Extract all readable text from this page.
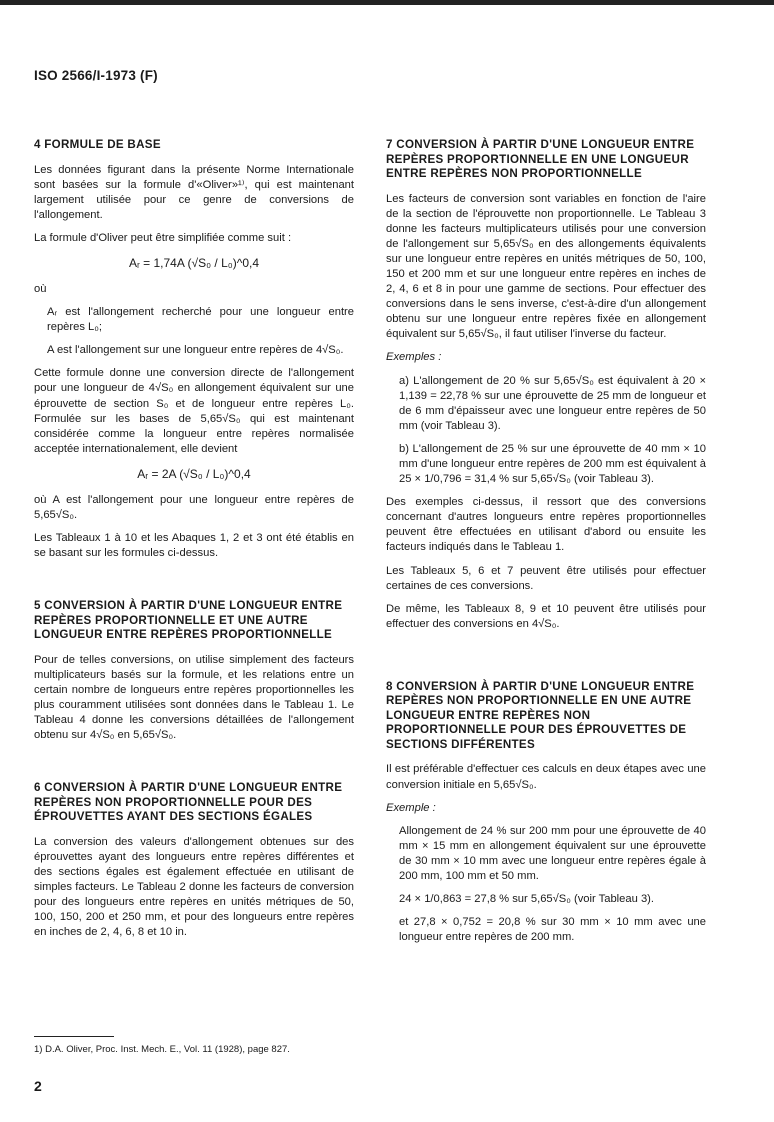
ISO 2566/I-1973 (F)
4 FORMULE DE BASE

Les données figurant dans la présente Norme Internationale sont basées sur la formule d'«Oliver»¹⁾, qui est maintenant largement utilisée pour ce genre de conversions de l'allongement.

La formule d'Oliver peut être simplifiée comme suit :

Aᵣ = 1,74A (√S₀ / L₀)^0,4

où

Aᵣ est l'allongement recherché pour une longueur entre repères L₀;

A est l'allongement sur une longueur entre repères de 4√S₀.

Cette formule donne une conversion directe de l'allongement pour une longueur de 4√S₀ en allongement équivalent sur une éprouvette de section S₀ et de longueur entre repères L₀. Formulée sur les bases de 5,65√S₀ qui est maintenant considérée comme la longueur entre repères normalisée acceptée internationalement, elle devient

Aᵣ = 2A (√S₀ / L₀)^0,4

où A est l'allongement pour une longueur entre repères de 5,65√S₀.

Les Tableaux 1 à 10 et les Abaques 1, 2 et 3 ont été établis en se basant sur les formules ci-dessus.

5 CONVERSION À PARTIR D'UNE LONGUEUR ENTRE REPÈRES PROPORTIONNELLE ET UNE AUTRE LONGUEUR ENTRE REPÈRES PROPORTIONNELLE

Pour de telles conversions, on utilise simplement des facteurs multiplicateurs basés sur la formule, et les relations entre un certain nombre de longueurs entre repères proportionnelles les plus couramment utilisées sont données dans le Tableau 1. Le Tableau 4 donne les conversions détaillées de l'allongement obtenu sur 4√S₀ en 5,65√S₀.

6 CONVERSION À PARTIR D'UNE LONGUEUR ENTRE REPÈRES NON PROPORTIONNELLE POUR DES ÉPROUVETTES AYANT DES SECTIONS ÉGALES

La conversion des valeurs d'allongement obtenues sur des éprouvettes ayant des longueurs entre repères différentes et des sections égales est également effectuée en utilisant de simples facteurs. Le Tableau 2 donne les facteurs de conversion pour des longueurs entre repères en unités métriques de 50, 100, 150, 200 et 250 mm, et pour des longueurs entre repères en inches de 2, 4, 6, 8 et 10 in.

7 CONVERSION À PARTIR D'UNE LONGUEUR ENTRE REPÈRES PROPORTIONNELLE EN UNE LONGUEUR ENTRE REPÈRES NON PROPORTIONNELLE

Les facteurs de conversion sont variables en fonction de l'aire de la section de l'éprouvette non proportionnelle. Le Tableau 3 donne les facteurs multiplicateurs utilisés pour une conversion de l'allongement sur 5,65√S₀ en des allongements équivalents sur une longueur entre repères en unités métriques de 50, 100, 150 et 200 mm et sur une longueur entre repères en inches de 2, 4, 6 et 8 in pour une gamme de sections. Pour effectuer des conversions dans le sens inverse, c'est-à-dire d'un allongement obtenu sur une longueur entre repères fixée en allongement équivalent sur 5,65√S₀, il faut utiliser l'inverse du facteur.

Exemples :

a) L'allongement de 20 % sur 5,65√S₀ est équivalent à 20 × 1,139 = 22,78 % sur une éprouvette de 25 mm de longueur et de 6 mm d'épaisseur avec une longueur entre repères de 50 mm (voir Tableau 3).

b) L'allongement de 25 % sur une éprouvette de 40 mm × 10 mm d'une longueur entre repères de 200 mm est équivalent à 25 × 1/0,796 = 31,4 % sur 5,65√S₀ (voir Tableau 3).

Des exemples ci-dessus, il ressort que des conversions concernant d'autres longueurs entre repères proportionnelles peuvent être effectuées en utilisant d'abord ou ensuite les facteurs indiqués dans le Tableau 1.

Les Tableaux 5, 6 et 7 peuvent être utilisés pour effectuer certaines de ces conversions.

De même, les Tableaux 8, 9 et 10 peuvent être utilisés pour effectuer des conversions en 4√S₀.

8 CONVERSION À PARTIR D'UNE LONGUEUR ENTRE REPÈRES NON PROPORTIONNELLE EN UNE AUTRE LONGUEUR ENTRE REPÈRES NON PROPORTIONNELLE POUR DES ÉPROUVETTES DE SECTIONS DIFFÉRENTES

Il est préférable d'effectuer ces calculs en deux étapes avec une conversion initiale en 5,65√S₀.

Exemple :

Allongement de 24 % sur 200 mm pour une éprouvette de 40 mm × 15 mm en allongement équivalent sur une éprouvette de 30 mm × 10 mm avec une longueur entre repères égale à 200 mm, 100 mm et 50 mm.

24 × 1/0,863 = 27,8 % sur 5,65√S₀ (voir Tableau 3).

et 27,8 × 0,752 = 20,8 % sur 30 mm × 10 mm avec une longueur entre repères de 200 mm.

1) D.A. Oliver, Proc. Inst. Mech. E., Vol. 11 (1928), page 827.
2
